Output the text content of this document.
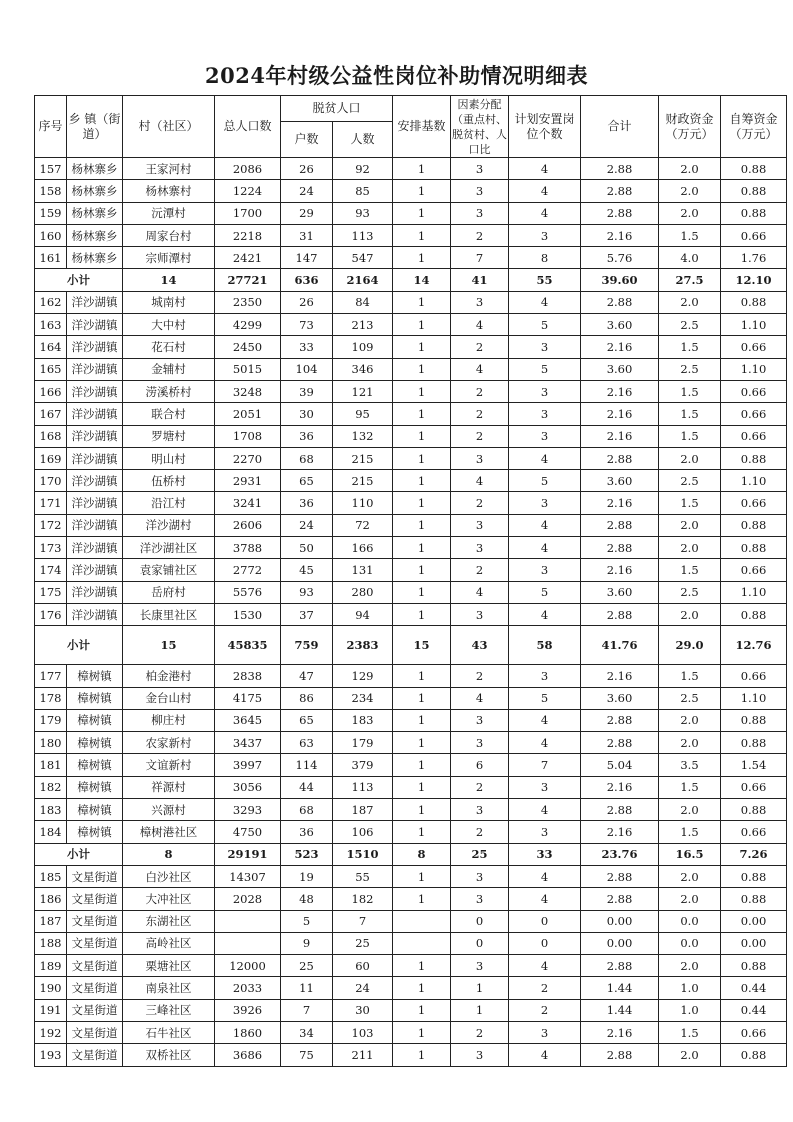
2024年村级公益性岗位补助情况明细表
序号	乡 镇（街道）	村（社区）	总人口数	脱贫人口		安排基数	因素分配（重点村、脱贫村、人口比	计划安置岗位个数	合计	财政资金（万元）	自筹资金（万元）
				户数	人数						
157	杨林寨乡	王家河村	2086	26	92	1	3	4	2.88	2.0	0.88
158	杨林寨乡	杨林寨村	1224	24	85	1	3	4	2.88	2.0	0.88
159	杨林寨乡	沅潭村	1700	29	93	1	3	4	2.88	2.0	0.88
160	杨林寨乡	周家台村	2218	31	113	1	2	3	2.16	1.5	0.66
161	杨林寨乡	宗师潭村	2421	147	547	1	7	8	5.76	4.0	1.76
小计		14	27721	636	2164	14	41	55	39.60	27.5	12.10
162	洋沙湖镇	城南村	2350	26	84	1	3	4	2.88	2.0	0.88
163	洋沙湖镇	大中村	4299	73	213	1	4	5	3.60	2.5	1.10
164	洋沙湖镇	花石村	2450	33	109	1	2	3	2.16	1.5	0.66
165	洋沙湖镇	金辅村	5015	104	346	1	4	5	3.60	2.5	1.10
166	洋沙湖镇	涝溪桥村	3248	39	121	1	2	3	2.16	1.5	0.66
167	洋沙湖镇	联合村	2051	30	95	1	2	3	2.16	1.5	0.66
168	洋沙湖镇	罗塘村	1708	36	132	1	2	3	2.16	1.5	0.66
169	洋沙湖镇	明山村	2270	68	215	1	3	4	2.88	2.0	0.88
170	洋沙湖镇	伍桥村	2931	65	215	1	4	5	3.60	2.5	1.10
171	洋沙湖镇	沿江村	3241	36	110	1	2	3	2.16	1.5	0.66
172	洋沙湖镇	洋沙湖村	2606	24	72	1	3	4	2.88	2.0	0.88
173	洋沙湖镇	洋沙湖社区	3788	50	166	1	3	4	2.88	2.0	0.88
174	洋沙湖镇	袁家铺社区	2772	45	131	1	2	3	2.16	1.5	0.66
175	洋沙湖镇	岳府村	5576	93	280	1	4	5	3.60	2.5	1.10
176	洋沙湖镇	长康里社区	1530	37	94	1	3	4	2.88	2.0	0.88
小计		15	45835	759	2383	15	43	58	41.76	29.0	12.76
177	樟树镇	柏金港村	2838	47	129	1	2	3	2.16	1.5	0.66
178	樟树镇	金台山村	4175	86	234	1	4	5	3.60	2.5	1.10
179	樟树镇	柳庄村	3645	65	183	1	3	4	2.88	2.0	0.88
180	樟树镇	农家新村	3437	63	179	1	3	4	2.88	2.0	0.88
181	樟树镇	文谊新村	3997	114	379	1	6	7	5.04	3.5	1.54
182	樟树镇	祥源村	3056	44	113	1	2	3	2.16	1.5	0.66
183	樟树镇	兴源村	3293	68	187	1	3	4	2.88	2.0	0.88
184	樟树镇	樟树港社区	4750	36	106	1	2	3	2.16	1.5	0.66
小计		8	29191	523	1510	8	25	33	23.76	16.5	7.26
185	文星街道	白沙社区	14307	19	55	1	3	4	2.88	2.0	0.88
186	文星街道	大冲社区	2028	48	182	1	3	4	2.88	2.0	0.88
187	文星街道	东湖社区		5	7		0	0	0.00	0.0	0.00
188	文星街道	高岭社区		9	25		0	0	0.00	0.0	0.00
189	文星街道	栗塘社区	12000	25	60	1	3	4	2.88	2.0	0.88
190	文星街道	南泉社区	2033	11	24	1	1	2	1.44	1.0	0.44
191	文星街道	三峰社区	3926	7	30	1	1	2	1.44	1.0	0.44
192	文星街道	石牛社区	1860	34	103	1	2	3	2.16	1.5	0.66
193	文星街道	双桥社区	3686	75	211	1	3	4	2.88	2.0	0.88
